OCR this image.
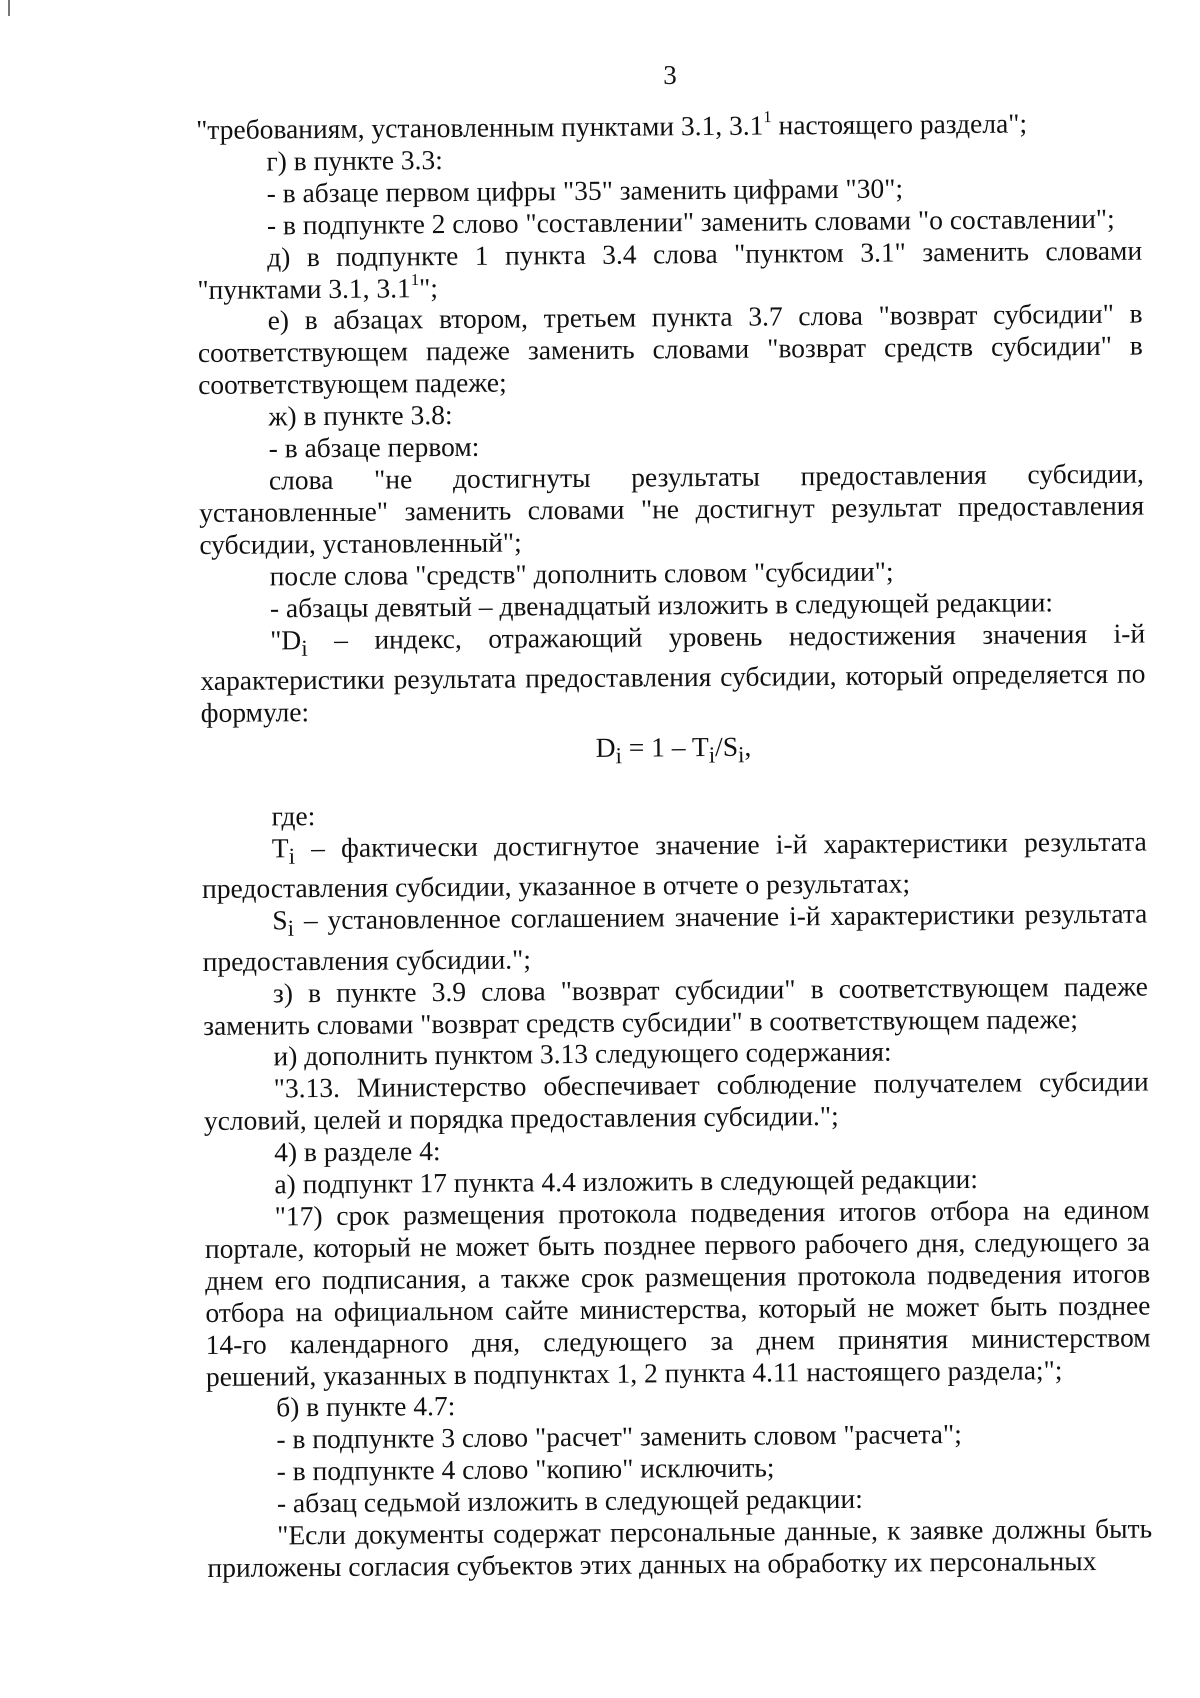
3

"требованиям, установленным пунктами 3.1, $3.1^1$ настоящего раздела";

г) в пункте 3.3:

- в абзаце первом цифры "35" заменить цифрами "30";

- в подпункте 2 слово "составлении" заменить словами "о составлении";

д) в подпункте 1 пункта 3.4 слова "пунктом 3.1" заменить словами "пунктами 3.1, $3.1^1$";

е) в абзацах втором, третьем пункта 3.7 слова "возврат субсидии" в соответствующем падеже заменить словами "возврат средств субсидии" в соответствующем падеже;

ж) в пункте 3.8:

- в абзаце первом:

слова "не достигнуты результаты предоставления субсидии, установленные" заменить словами "не достигнут результат предоставления субсидии, установленный";

после слова "средств" дополнить словом "субсидии";

- абзацы девятый – двенадцатый изложить в следующей редакции:

"$D_i$ – индекс, отражающий уровень недостижения значения i-й характеристики результата предоставления субсидии, который определяется по формуле:

$D_i = 1 - T_i/S_i$,

где:

$T_i$ – фактически достигнутое значение i-й характеристики результата предоставления субсидии, указанное в отчете о результатах;

$S_i$ – установленное соглашением значение i-й характеристики результата предоставления субсидии.";

з) в пункте 3.9 слова "возврат субсидии" в соответствующем падеже заменить словами "возврат средств субсидии" в соответствующем падеже;

и) дополнить пунктом 3.13 следующего содержания:

"3.13. Министерство обеспечивает соблюдение получателем субсидии условий, целей и порядка предоставления субсидии.";

4) в разделе 4:

а) подпункт 17 пункта 4.4 изложить в следующей редакции:

"17) срок размещения протокола подведения итогов отбора на едином портале, который не может быть позднее первого рабочего дня, следующего за днем его подписания, а также срок размещения протокола подведения итогов отбора на официальном сайте министерства, который не может быть позднее 14-го календарного дня, следующего за днем принятия министерством решений, указанных в подпунктах 1, 2 пункта 4.11 настоящего раздела;";

б) в пункте 4.7:

- в подпункте 3 слово "расчет" заменить словом "расчета";

- в подпункте 4 слово "копию" исключить;

- абзац седьмой изложить в следующей редакции:

"Если документы содержат персональные данные, к заявке должны быть приложены согласия субъектов этих данных на обработку их персональных
